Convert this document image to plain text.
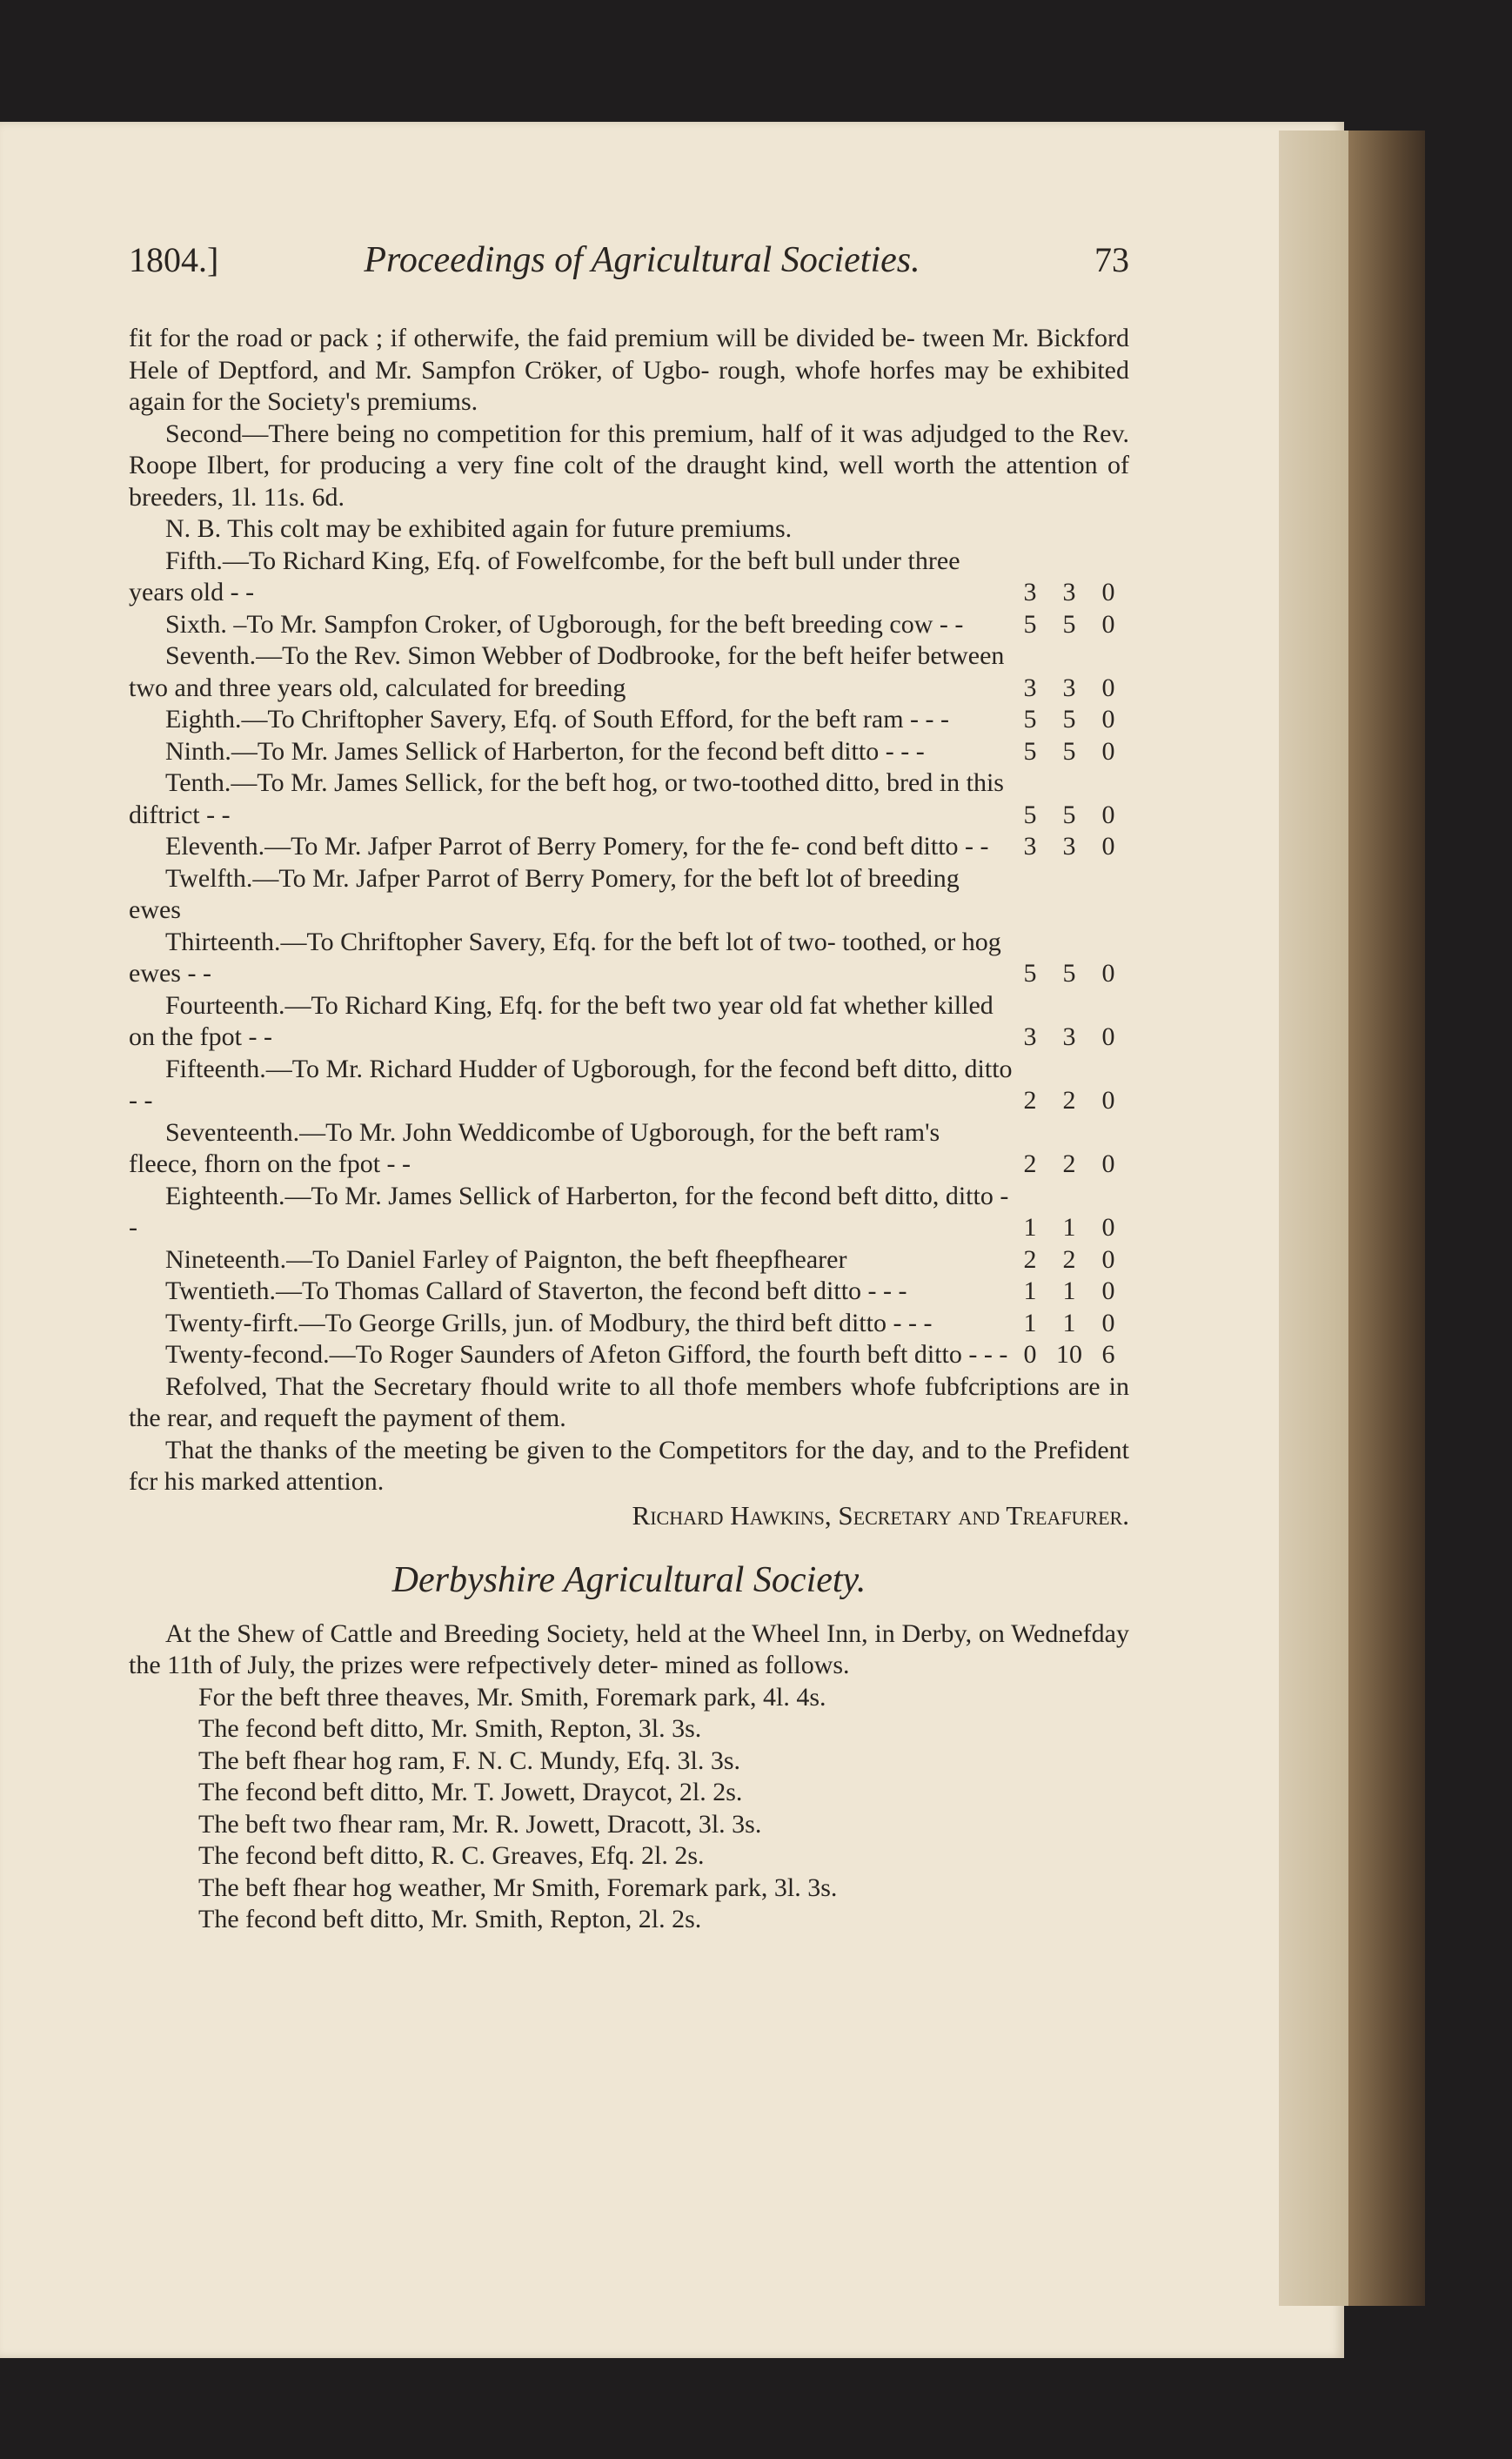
1804.]	Proceedings of Agricultural Societies.	73

fit for the road or pack ; if otherwife, the faid premium will be divided be- tween Mr. Bickford Hele of Deptford, and Mr. Sampfon Cröker, of Ugbo- rough, whofe horfes may be exhibited again for the Society's premiums.

Second—There being no competition for this premium, half of it was adjudged to the Rev. Roope Ilbert, for producing a very fine colt of the draught kind, well worth the attention of breeders, 1l. 11s. 6d.

N. B. This colt may be exhibited again for future premiums.

Fifth.—To Richard King, Efq. of Fowelfcombe, for the beft bull under three years old - -	3	3	0
Sixth. –To Mr. Sampfon Croker, of Ugborough, for the beft breeding cow - -	5	5	0
Seventh.—To the Rev. Simon Webber of Dodbrooke, for the beft heifer between two and three years old, calculated for breeding	3	3	0
Eighth.—To Chriftopher Savery, Efq. of South Efford, for the beft ram - - -	5	5	0
Ninth.—To Mr. James Sellick of Harberton, for the fecond beft ditto - - -	5	5	0
Tenth.—To Mr. James Sellick, for the beft hog, or two-toothed ditto, bred in this diftrict - -	5	5	0
Eleventh.—To Mr. Jafper Parrot of Berry Pomery, for the fe- cond beft ditto - -	3	3	0
Twelfth.—To Mr. Jafper Parrot of Berry Pomery, for the beft lot of breeding ewes
Thirteenth.—To Chriftopher Savery, Efq. for the beft lot of two- toothed, or hog ewes - -	5	5	0
Fourteenth.—To Richard King, Efq. for the beft two year old fat whether killed on the fpot - -	3	3	0
Fifteenth.—To Mr. Richard Hudder of Ugborough, for the fecond beft ditto, ditto - -	2	2	0
Seventeenth.—To Mr. John Weddicombe of Ugborough, for the beft ram's fleece, fhorn on the fpot - -	2	2	0
Eighteenth.—To Mr. James Sellick of Harberton, for the fecond beft ditto, ditto - -	1	1	0
Nineteenth.—To Daniel Farley of Paignton, the beft fheepfhearer	2	2	0
Twentieth.—To Thomas Callard of Staverton, the fecond beft ditto - - -	1	1	0
Twenty-firft.—To George Grills, jun. of Modbury, the third beft ditto - - -	1	1	0
Twenty-fecond.—To Roger Saunders of Afeton Gifford, the fourth beft ditto - - - 0 10 6

Refolved, That the Secretary fhould write to all thofe members whofe fubfcriptions are in the rear, and requeft the payment of them.

That the thanks of the meeting be given to the Competitors for the day, and to the Prefident fcr his marked attention.

Richard Hawkins, Secretary and Treafurer.
Derbyshire Agricultural Society.

At the Shew of Cattle and Breeding Society, held at the Wheel Inn, in Derby, on Wednefday the 11th of July, the prizes were refpectively deter- mined as follows.

For the beft three theaves, Mr. Smith, Foremark park, 4l. 4s.

The fecond beft ditto, Mr. Smith, Repton, 3l. 3s.

The beft fhear hog ram, F. N. C. Mundy, Efq. 3l. 3s.

The fecond beft ditto, Mr. T. Jowett, Draycot, 2l. 2s.

The beft two fhear ram, Mr. R. Jowett, Dracott, 3l. 3s.

The fecond beft ditto, R. C. Greaves, Efq. 2l. 2s.

The beft fhear hog weather, Mr Smith, Foremark park, 3l. 3s.

The fecond beft ditto, Mr. Smith, Repton, 2l. 2s.
